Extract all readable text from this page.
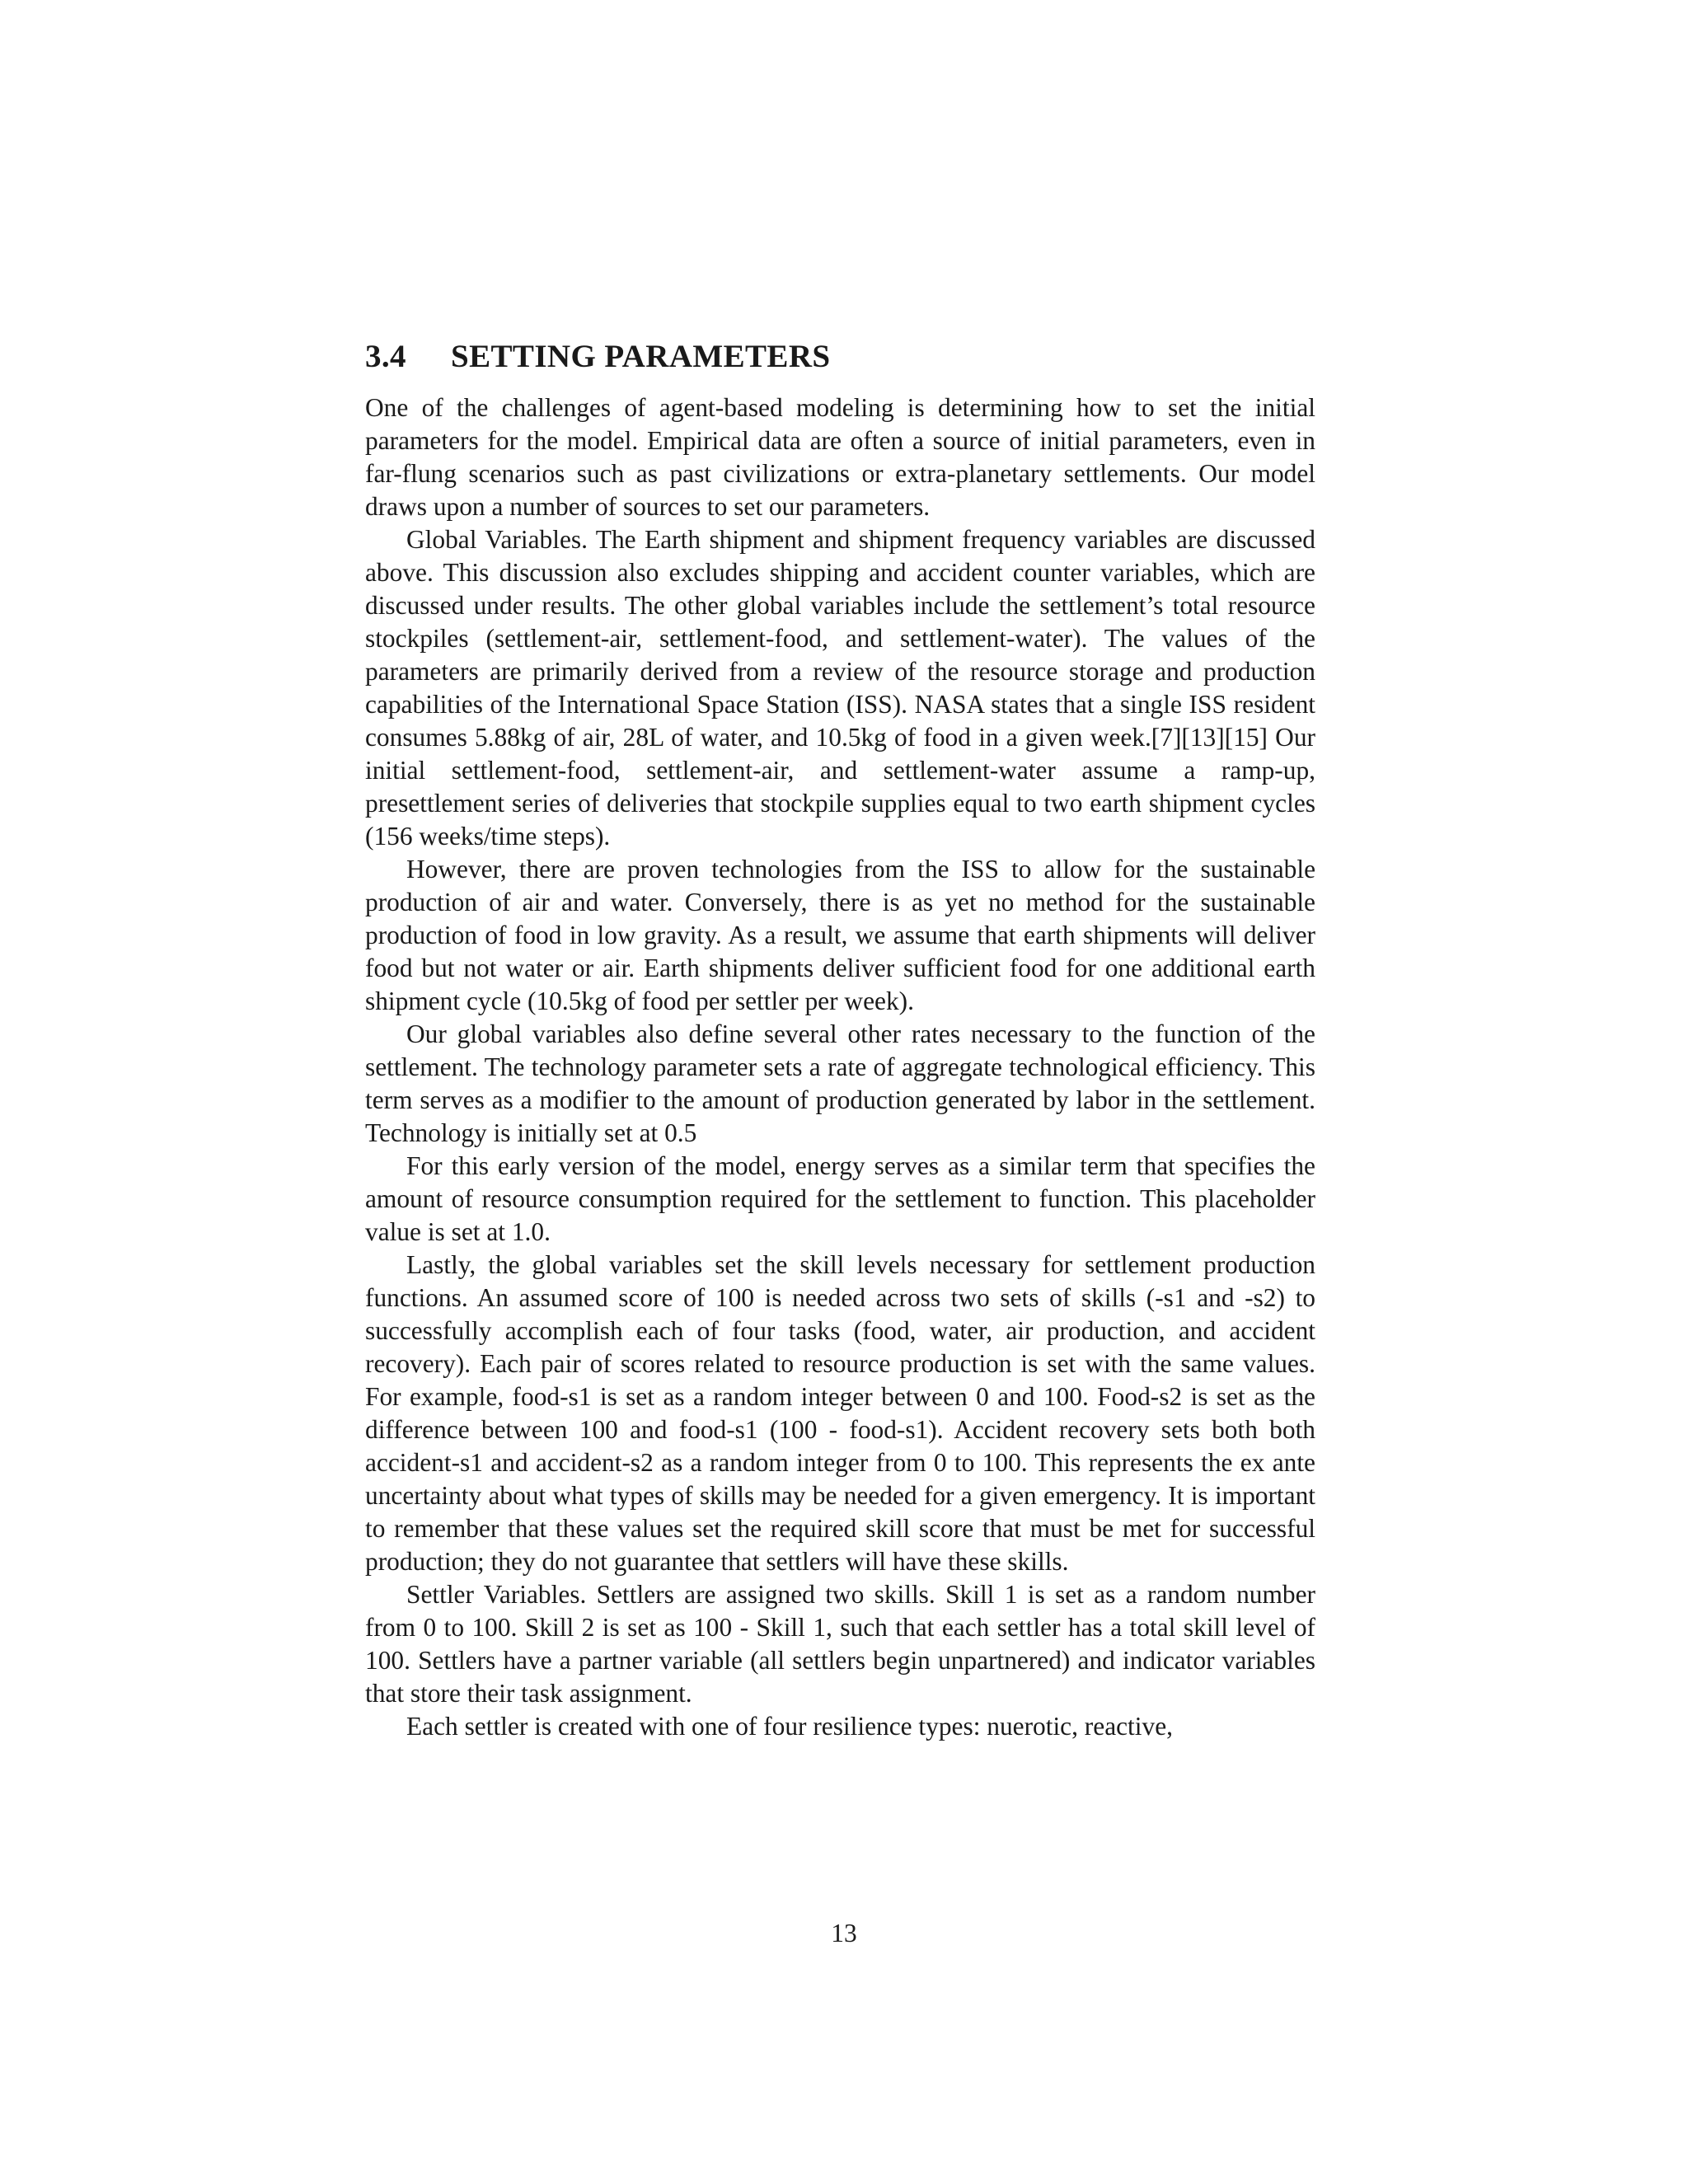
3.4 SETTING PARAMETERS

One of the challenges of agent-based modeling is determining how to set the initial parameters for the model. Empirical data are often a source of initial parameters, even in far-flung scenarios such as past civilizations or extra-planetary settlements. Our model draws upon a number of sources to set our parameters.

Global Variables. The Earth shipment and shipment frequency variables are discussed above. This discussion also excludes shipping and accident counter variables, which are discussed under results. The other global variables include the settlement’s total resource stockpiles (settlement-air, settlement-food, and settlement-water). The values of the parameters are primarily derived from a review of the resource storage and production capabilities of the International Space Station (ISS). NASA states that a single ISS resident consumes 5.88kg of air, 28L of water, and 10.5kg of food in a given week.[7][13][15] Our initial settlement-food, settlement-air, and settlement-water assume a ramp-up, presettlement series of deliveries that stockpile supplies equal to two earth shipment cycles (156 weeks/time steps).

However, there are proven technologies from the ISS to allow for the sustainable production of air and water. Conversely, there is as yet no method for the sustainable production of food in low gravity. As a result, we assume that earth shipments will deliver food but not water or air. Earth shipments deliver sufficient food for one additional earth shipment cycle (10.5kg of food per settler per week).

Our global variables also define several other rates necessary to the function of the settlement. The technology parameter sets a rate of aggregate technological efficiency. This term serves as a modifier to the amount of production generated by labor in the settlement. Technology is initially set at 0.5

For this early version of the model, energy serves as a similar term that specifies the amount of resource consumption required for the settlement to function. This placeholder value is set at 1.0.

Lastly, the global variables set the skill levels necessary for settlement production functions. An assumed score of 100 is needed across two sets of skills (-s1 and -s2) to successfully accomplish each of four tasks (food, water, air production, and accident recovery). Each pair of scores related to resource production is set with the same values. For example, food-s1 is set as a random integer between 0 and 100. Food-s2 is set as the difference between 100 and food-s1 (100 - food-s1). Accident recovery sets both both accident-s1 and accident-s2 as a random integer from 0 to 100. This represents the ex ante uncertainty about what types of skills may be needed for a given emergency. It is important to remember that these values set the required skill score that must be met for successful production; they do not guarantee that settlers will have these skills.

Settler Variables. Settlers are assigned two skills. Skill 1 is set as a random number from 0 to 100. Skill 2 is set as 100 - Skill 1, such that each settler has a total skill level of 100. Settlers have a partner variable (all settlers begin unpartnered) and indicator variables that store their task assignment.

Each settler is created with one of four resilience types: nuerotic, reactive,

13
